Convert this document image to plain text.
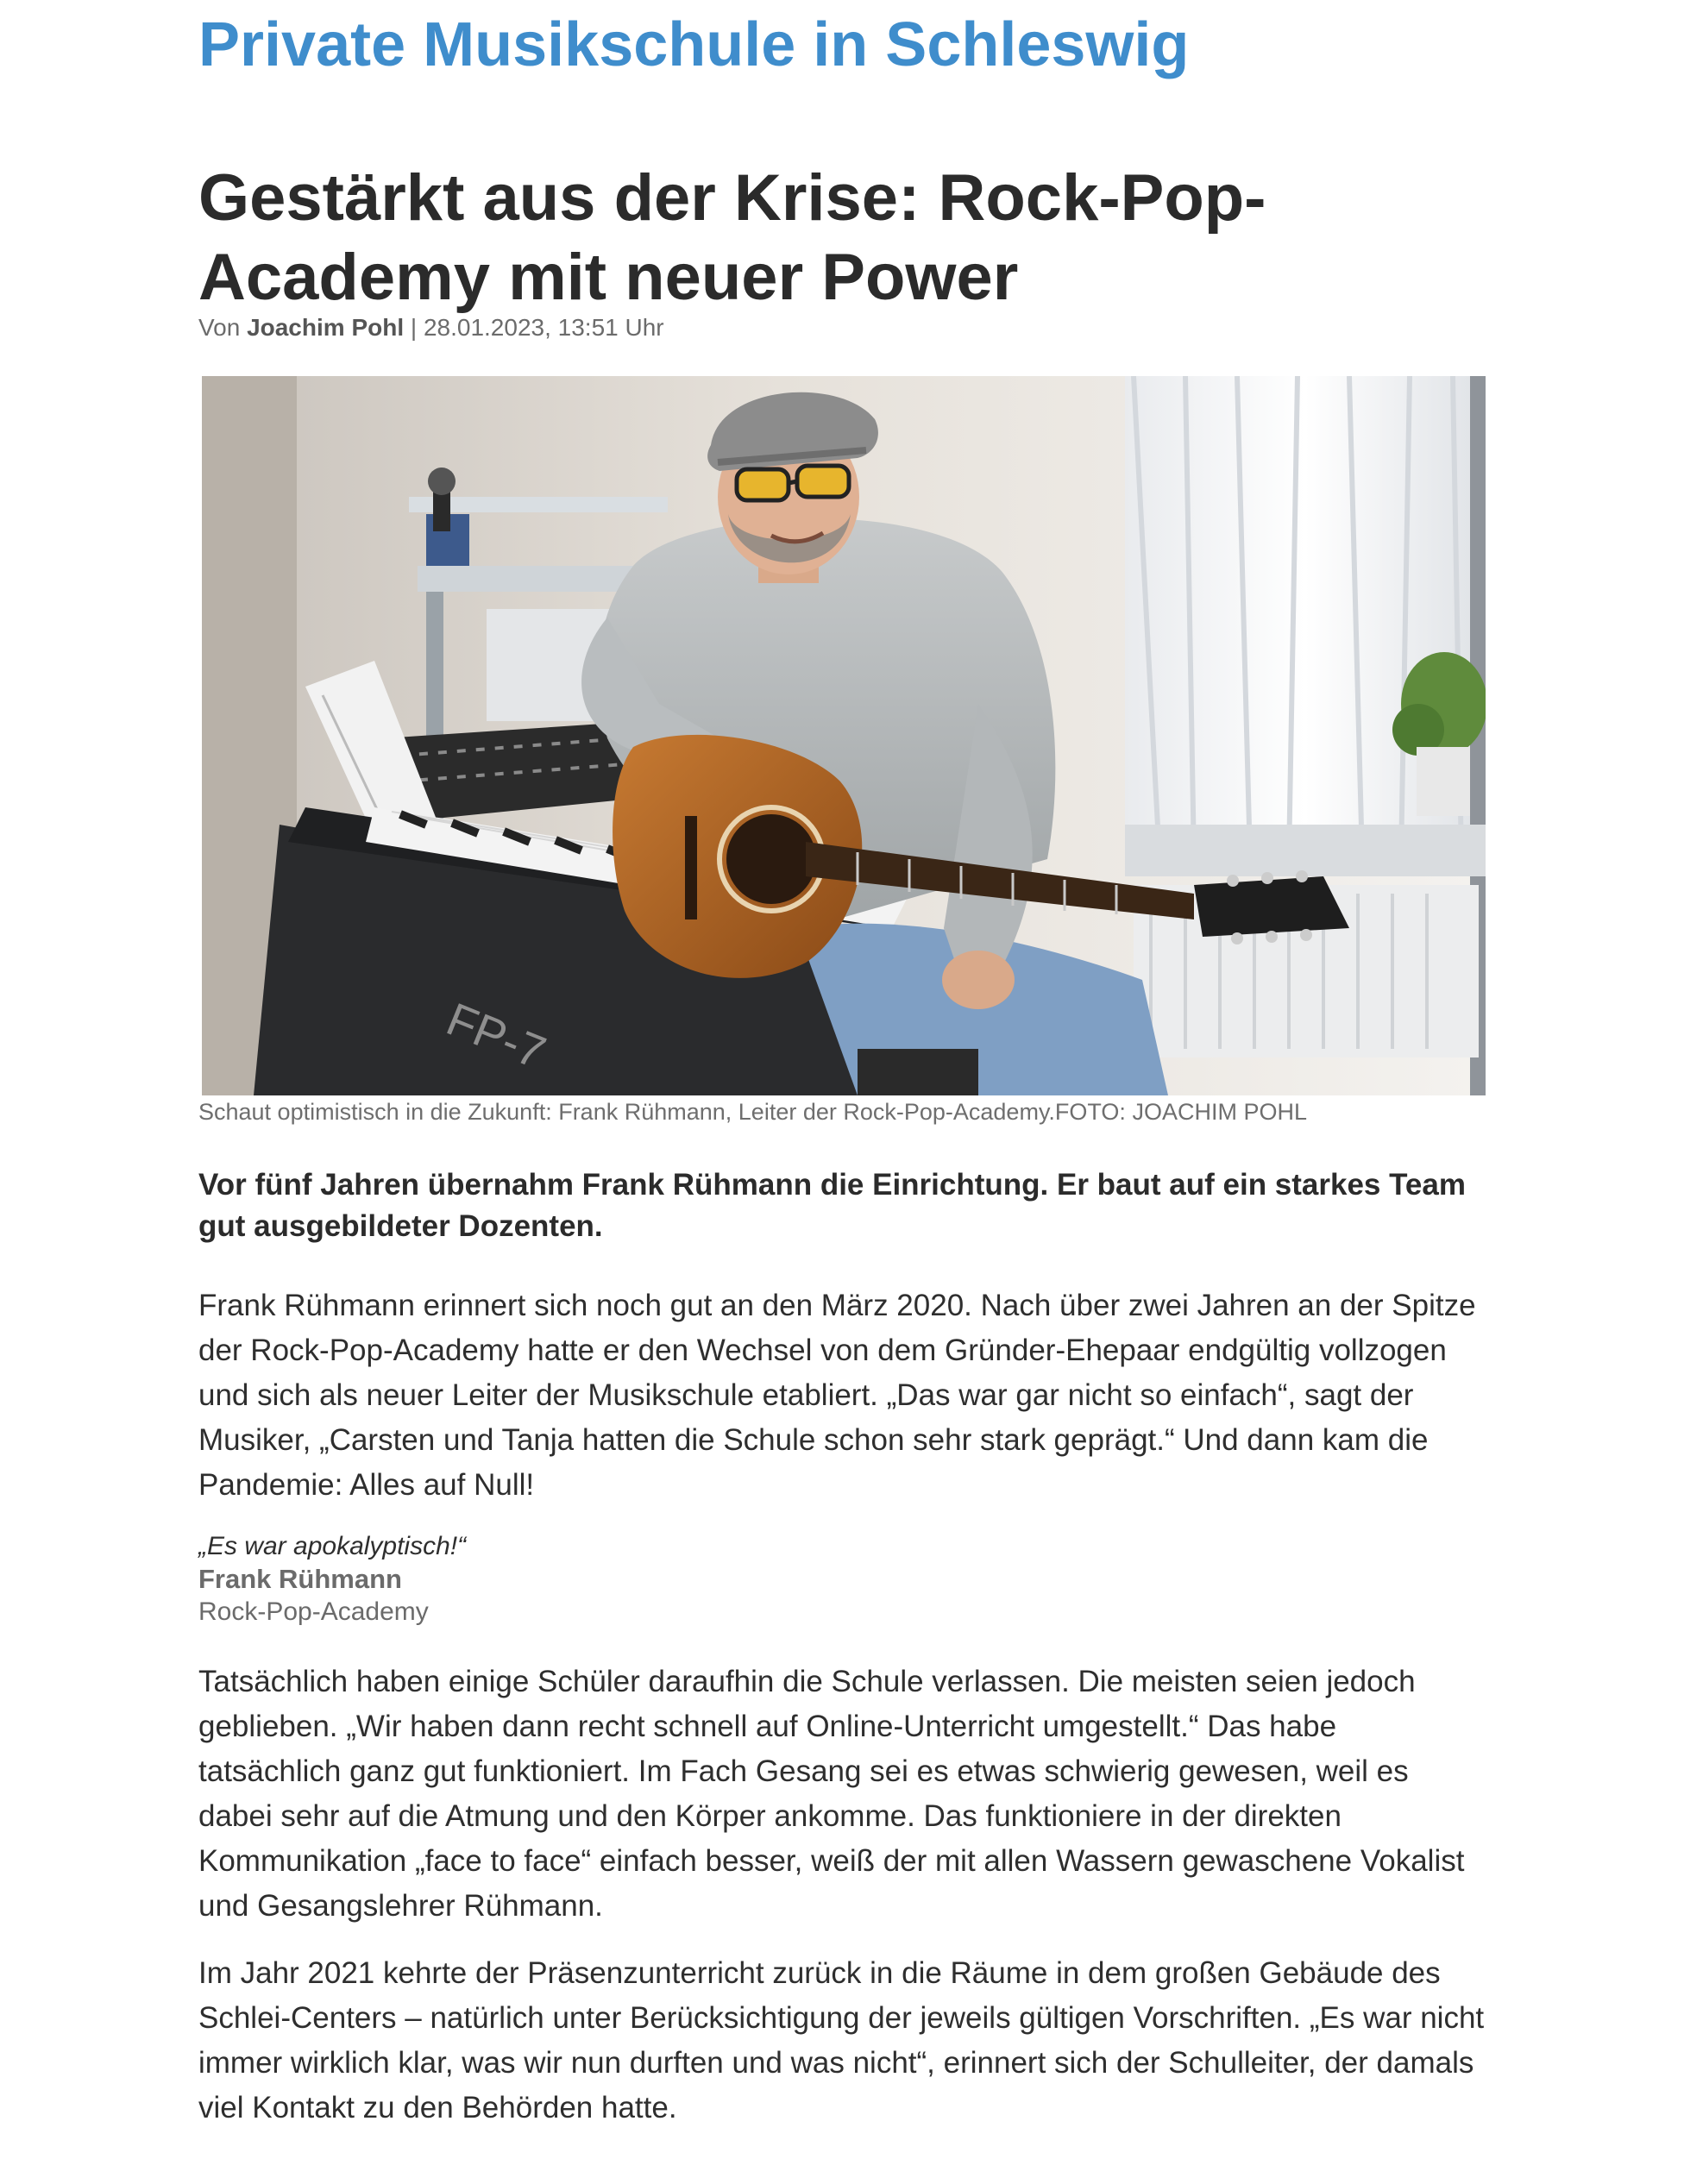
Private Musikschule in Schleswig
Gestärkt aus der Krise: Rock-Pop-Academy mit neuer Power
Von Joachim Pohl | 28.01.2023, 13:51 Uhr
FP-7
Schaut optimistisch in die Zukunft: Frank Rühmann, Leiter der Rock-Pop-Academy.FOTO: JOACHIM POHL

Vor fünf Jahren übernahm Frank Rühmann die Einrichtung. Er baut auf ein starkes Team gut ausgebildeter Dozenten.

Frank Rühmann erinnert sich noch gut an den März 2020. Nach über zwei Jahren an der Spitze der Rock-Pop-Academy hatte er den Wechsel von dem Gründer-Ehepaar endgültig vollzogen und sich als neuer Leiter der Musikschule etabliert. „Das war gar nicht so einfach“, sagt der Musiker, „Carsten und Tanja hatten die Schule schon sehr stark geprägt.“ Und dann kam die Pandemie: Alles auf Null!

„Es war apokalyptisch!“
Frank Rühmann
Rock-Pop-Academy

Tatsächlich haben einige Schüler daraufhin die Schule verlassen. Die meisten seien jedoch geblieben. „Wir haben dann recht schnell auf Online-Unterricht umgestellt.“ Das habe tatsächlich ganz gut funktioniert. Im Fach Gesang sei es etwas schwierig gewesen, weil es dabei sehr auf die Atmung und den Körper ankomme. Das funktioniere in der direkten Kommunikation „face to face“ einfach besser, weiß der mit allen Wassern gewaschene Vokalist und Gesangslehrer Rühmann.

Im Jahr 2021 kehrte der Präsenzunterricht zurück in die Räume in dem großen Gebäude des Schlei-Centers – natürlich unter Berücksichtigung der jeweils gültigen Vorschriften. „Es war nicht immer wirklich klar, was wir nun durften und was nicht“, erinnert sich der Schulleiter, der damals viel Kontakt zu den Behörden hatte.
